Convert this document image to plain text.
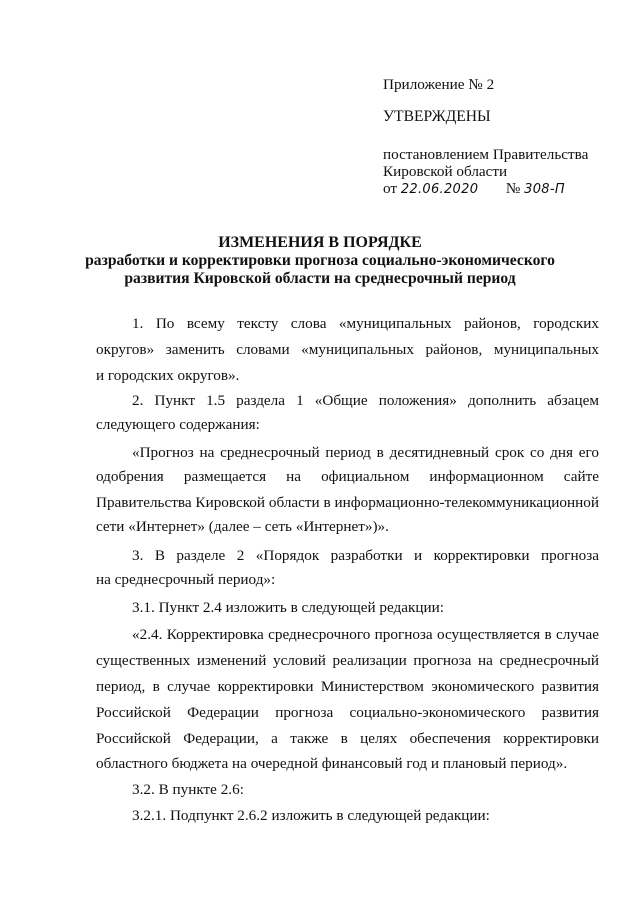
Приложение № 2
УТВЕРЖДЕНЫ
постановлением Правительства
Кировской области
от 22.06.2020 № 308-П
ИЗМЕНЕНИЯ В ПОРЯДКЕ
разработки и корректировки прогноза социально-экономического
развития Кировской области на среднесрочный период
1. По всему тексту слова «муниципальных районов, городских
округов» заменить словами «муниципальных районов, муниципальных
и городских округов».
2. Пункт 1.5 раздела 1 «Общие положения» дополнить абзацем
следующего содержания:
«Прогноз на среднесрочный период в десятидневный срок со дня его
одобрения размещается на официальном информационном сайте
Правительства Кировской области в информационно-телекоммуникационной
сети «Интернет» (далее – сеть «Интернет»)».
3. В разделе 2 «Порядок разработки и корректировки прогноза
на среднесрочный период»:
3.1. Пункт 2.4 изложить в следующей редакции:
«2.4. Корректировка среднесрочного прогноза осуществляется в случае
существенных изменений условий реализации прогноза на среднесрочный
период, в случае корректировки Министерством экономического развития
Российской Федерации прогноза социально-экономического развития
Российской Федерации, а также в целях обеспечения корректировки
областного бюджета на очередной финансовый год и плановый период».
3.2. В пункте 2.6:
3.2.1. Подпункт 2.6.2 изложить в следующей редакции:
